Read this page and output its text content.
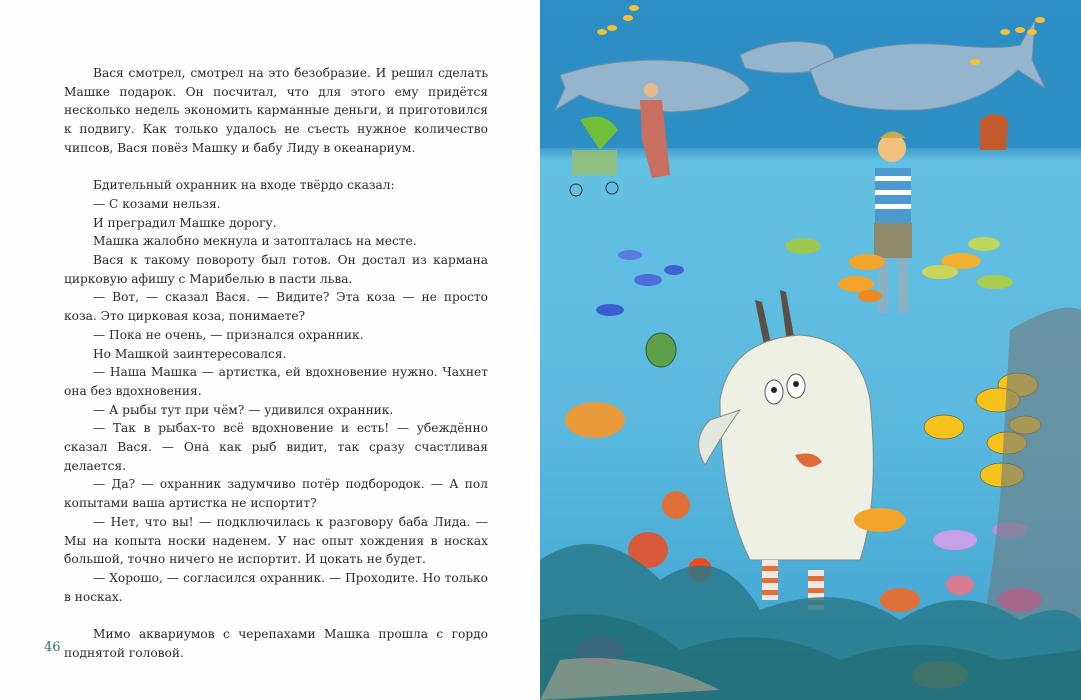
Вася смотрел, смотрел на это безобразие. И решил сделать Машке подарок. Он посчитал, что для этого ему придётся несколько недель экономить карманные деньги, и приготовился к подвигу. Как только удалось не съесть нужное количество чипсов, Вася повёз Машку и бабу Лиду в океанариум.

Бдительный охранник на входе твёрдо сказал:

— С козами нельзя.

И преградил Машке дорогу.

Машка жалобно мекнула и затопталась на месте.

Вася к такому повороту был готов. Он достал из кармана цирковую афишу с Марибелью в пасти льва.

— Вот, — сказал Вася. — Видите? Эта коза — не просто коза. Это цирковая коза, понимаете?

— Пока не очень, — признался охранник.

Но Машкой заинтересовался.

— Наша Машка — артистка, ей вдохновение нужно. Чахнет она без вдохновения.

— А рыбы тут при чём? — удивился охранник.

— Так в рыбах-то всё вдохновение и есть! — убеждённо сказал Вася. — Она как рыб видит, так сразу счастливая делается.

— Да? — охранник задумчиво потёр подбородок. — А пол копытами ваша артистка не испортит?

— Нет, что вы! — подключилась к разговору баба Лида. — Мы на копыта носки наденем. У нас опыт хождения в носках большой, точно ничего не испортит. И цокать не будет.

— Хорошо, — согласился охранник. — Проходите. Но только в носках.

Мимо аквариумов с черепахами Машка прошла с гордо поднятой головой.

46
